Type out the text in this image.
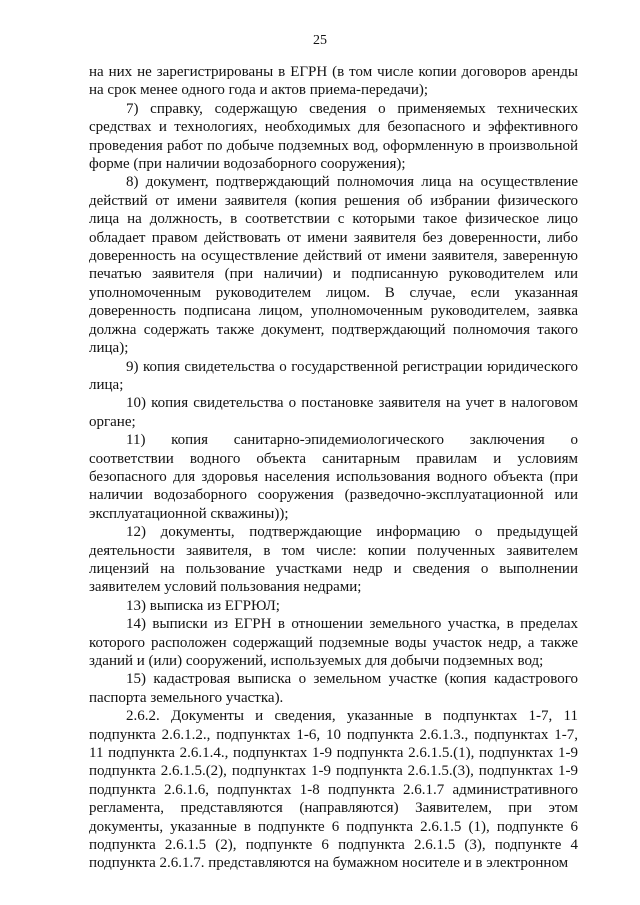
25

на них не зарегистрированы в ЕГРН (в том числе копии договоров аренды на срок менее одного года и актов приема-передачи);

7) справку, содержащую сведения о применяемых технических средствах и технологиях, необходимых для безопасного и эффективного проведения работ по добыче подземных вод, оформленную в произвольной форме (при наличии водозаборного сооружения);

8) документ, подтверждающий полномочия лица на осуществление действий от имени заявителя (копия решения об избрании физического лица на должность, в соответствии с которыми такое физическое лицо обладает правом действовать от имени заявителя без доверенности, либо доверенность на осуществление действий от имени заявителя, заверенную печатью заявителя (при наличии) и подписанную руководителем или уполномоченным руководителем лицом. В случае, если указанная доверенность подписана лицом, уполномоченным руководителем, заявка должна содержать также документ, подтверждающий полномочия такого лица);

9) копия свидетельства о государственной регистрации юридического лица;

10) копия свидетельства о постановке заявителя на учет в налоговом органе;

11) копия санитарно-эпидемиологического заключения о соответствии водного объекта санитарным правилам и условиям безопасного для здоровья населения использования водного объекта (при наличии водозаборного сооружения (разведочно-эксплуатационной или эксплуатационной скважины));

12) документы, подтверждающие информацию о предыдущей деятельности заявителя, в том числе: копии полученных заявителем лицензий на пользование участками недр и сведения о выполнении заявителем условий пользования недрами;

13) выписка из ЕГРЮЛ;

14) выписки из ЕГРН в отношении земельного участка, в пределах которого расположен содержащий подземные воды участок недр, а также зданий и (или) сооружений, используемых для добычи подземных вод;

15) кадастровая выписка о земельном участке (копия кадастрового паспорта земельного участка).

2.6.2. Документы и сведения, указанные в подпунктах 1-7, 11 подпункта 2.6.1.2., подпунктах 1-6, 10 подпункта 2.6.1.3., подпунктах 1-7, 11 подпункта 2.6.1.4., подпунктах 1-9 подпункта 2.6.1.5.(1), подпунктах 1-9 подпункта 2.6.1.5.(2), подпунктах 1-9 подпункта 2.6.1.5.(3), подпунктах 1-9 подпункта 2.6.1.6, подпунктах 1-8 подпункта 2.6.1.7 административного регламента, представляются (направляются) Заявителем, при этом документы, указанные в подпункте 6 подпункта 2.6.1.5 (1), подпункте 6 подпункта 2.6.1.5 (2), подпункте 6 подпункта 2.6.1.5 (3), подпункте 4 подпункта 2.6.1.7. представляются на бумажном носителе и в электронном
